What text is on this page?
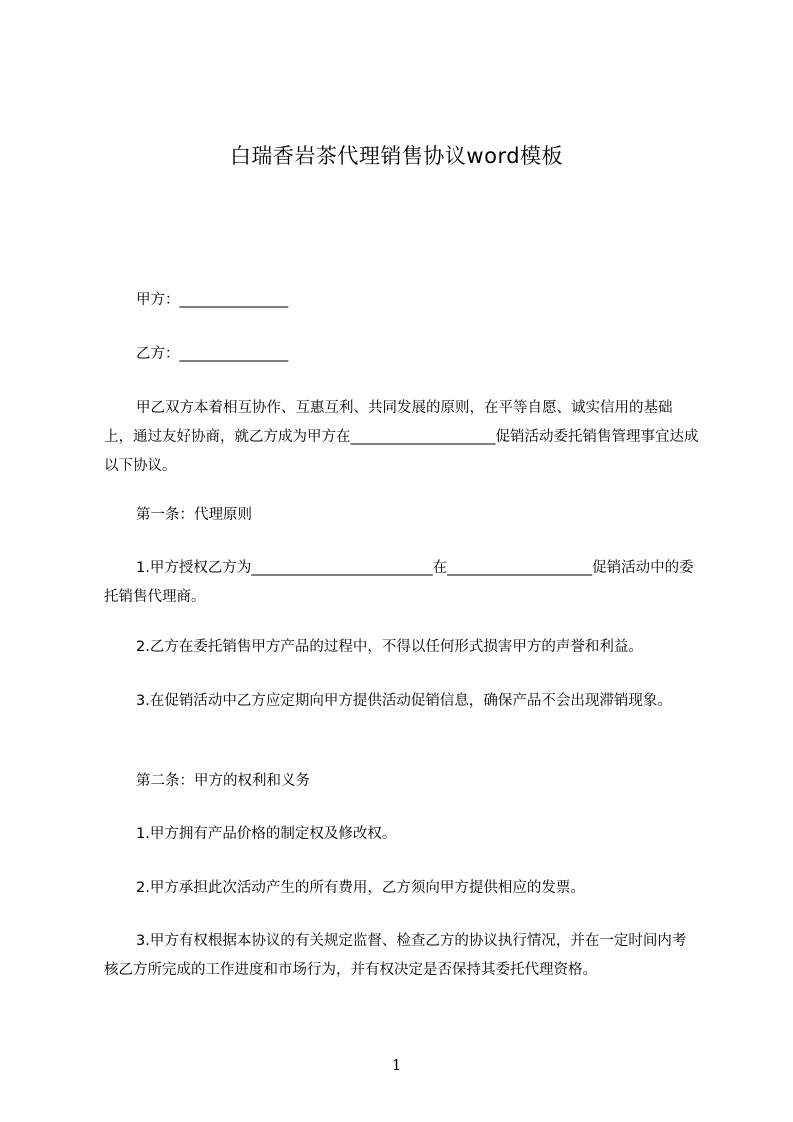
白瑞香岩茶代理销售协议word模板
甲方：_______________
乙方：_______________
甲乙双方本着相互协作、互惠互利、共同发展的原则，在平等自愿、诚实信用的基础上，通过友好协商，就乙方成为甲方在____________________促销活动委托销售管理事宜达成以下协议。
第一条：代理原则
1.甲方授权乙方为_________________________在____________________促销活动中的委托销售代理商。
2.乙方在委托销售甲方产品的过程中，不得以任何形式损害甲方的声誉和利益。
3.在促销活动中乙方应定期向甲方提供活动促销信息，确保产品不会出现滞销现象。
第二条：甲方的权利和义务
1.甲方拥有产品价格的制定权及修改权。
2.甲方承担此次活动产生的所有费用，乙方须向甲方提供相应的发票。
3.甲方有权根据本协议的有关规定监督、检查乙方的协议执行情况，并在一定时间内考核乙方所完成的工作进度和市场行为，并有权决定是否保持其委托代理资格。
1
